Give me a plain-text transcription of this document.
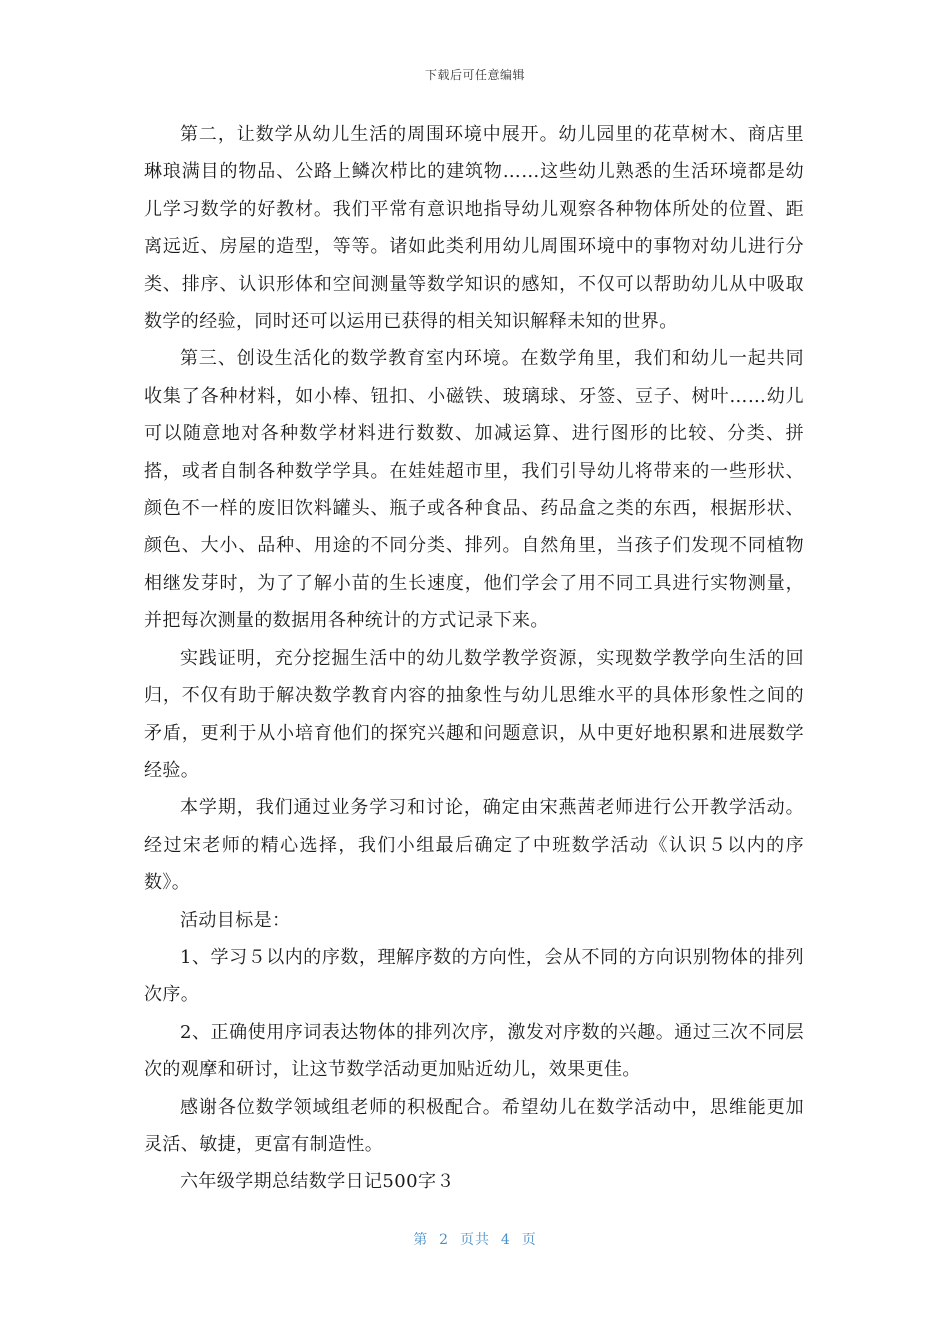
下载后可任意编辑

第二，让数学从幼儿生活的周围环境中展开。幼儿园里的花草树木、商店里琳琅满目的物品、公路上鳞次栉比的建筑物……这些幼儿熟悉的生活环境都是幼儿学习数学的好教材。我们平常有意识地指导幼儿观察各种物体所处的位置、距离远近、房屋的造型，等等。诸如此类利用幼儿周围环境中的事物对幼儿进行分类、排序、认识形体和空间测量等数学知识的感知，不仅可以帮助幼儿从中吸取数学的经验，同时还可以运用已获得的相关知识解释未知的世界。

第三、创设生活化的数学教育室内环境。在数学角里，我们和幼儿一起共同收集了各种材料，如小棒、钮扣、小磁铁、玻璃球、牙签、豆子、树叶……幼儿可以随意地对各种数学材料进行数数、加减运算、进行图形的比较、分类、拼搭，或者自制各种数学学具。在娃娃超市里，我们引导幼儿将带来的一些形状、颜色不一样的废旧饮料罐头、瓶子或各种食品、药品盒之类的东西，根据形状、颜色、大小、品种、用途的不同分类、排列。自然角里，当孩子们发现不同植物相继发芽时，为了了解小苗的生长速度，他们学会了用不同工具进行实物测量，并把每次测量的数据用各种统计的方式记录下来。

实践证明，充分挖掘生活中的幼儿数学教学资源，实现数学教学向生活的回归，不仅有助于解决数学教育内容的抽象性与幼儿思维水平的具体形象性之间的矛盾，更利于从小培育他们的探究兴趣和问题意识，从中更好地积累和进展数学经验。

本学期，我们通过业务学习和讨论，确定由宋燕茜老师进行公开教学活动。经过宋老师的精心选择，我们小组最后确定了中班数学活动《认识５以内的序数》。

活动目标是：

1、学习５以内的序数，理解序数的方向性，会从不同的方向识别物体的排列次序。

2、正确使用序词表达物体的排列次序，激发对序数的兴趣。通过三次不同层次的观摩和研讨，让这节数学活动更加贴近幼儿，效果更佳。

感谢各位数学领域组老师的积极配合。希望幼儿在数学活动中，思维能更加灵活、敏捷，更富有制造性。

六年级学期总结数学日记500字３

第  2  页共  4  页
